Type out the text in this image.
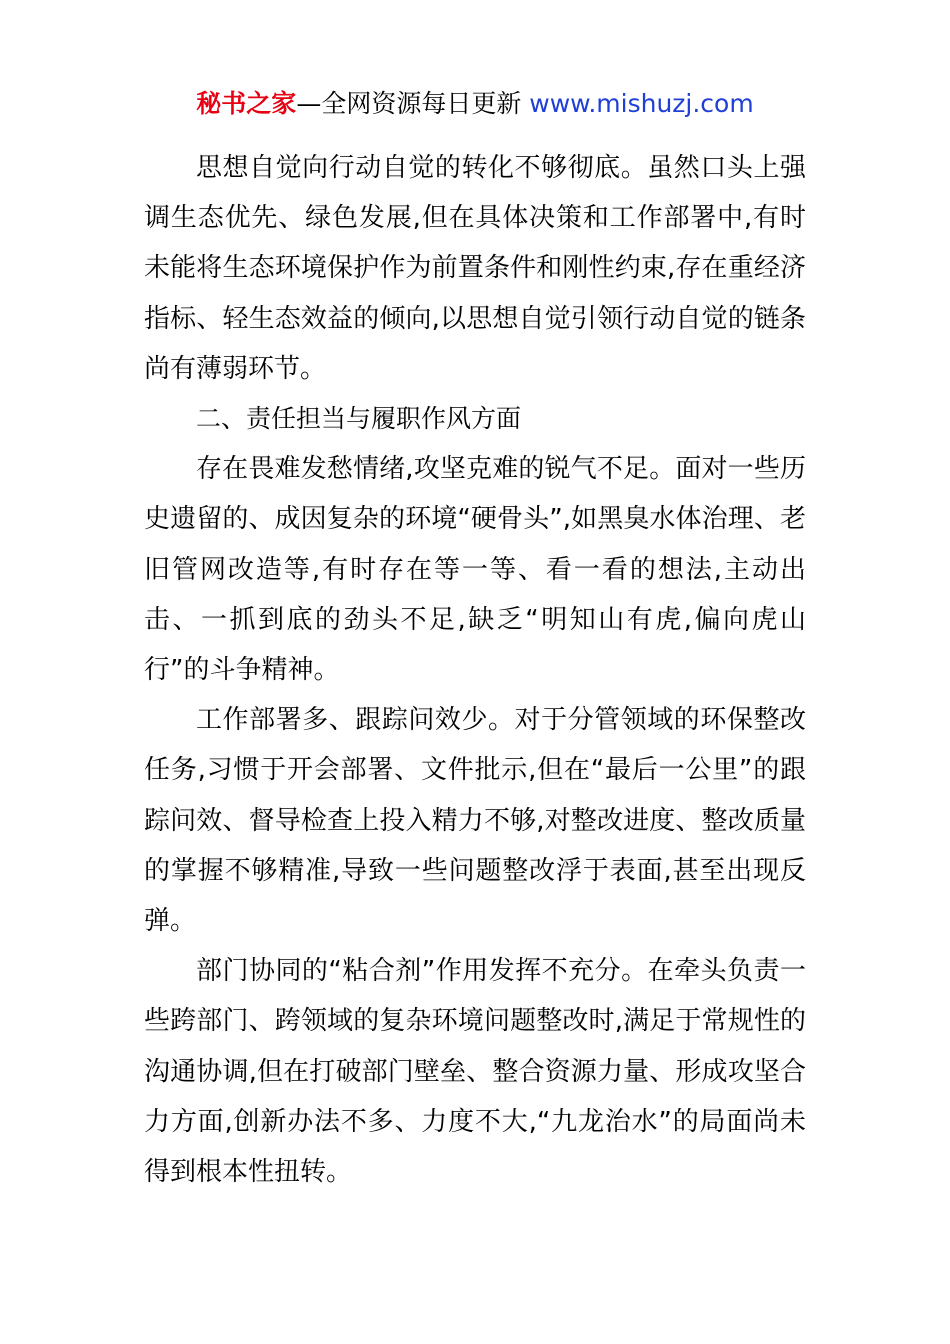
秘书之家—全网资源每日更新 www.mishuzj.com

思想自觉向行动自觉的转化不够彻底。虽然口头上强调生态优先、绿色发展,但在具体决策和工作部署中,有时未能将生态环境保护作为前置条件和刚性约束,存在重经济指标、轻生态效益的倾向,以思想自觉引领行动自觉的链条尚有薄弱环节。

二、责任担当与履职作风方面

存在畏难发愁情绪,攻坚克难的锐气不足。面对一些历史遗留的、成因复杂的环境“硬骨头”,如黑臭水体治理、老旧管网改造等,有时存在等一等、看一看的想法,主动出击、一抓到底的劲头不足,缺乏“明知山有虎,偏向虎山行”的斗争精神。

工作部署多、跟踪问效少。对于分管领域的环保整改任务,习惯于开会部署、文件批示,但在“最后一公里”的跟踪问效、督导检查上投入精力不够,对整改进度、整改质量的掌握不够精准,导致一些问题整改浮于表面,甚至出现反弹。

部门协同的“粘合剂”作用发挥不充分。在牵头负责一些跨部门、跨领域的复杂环境问题整改时,满足于常规性的沟通协调,但在打破部门壁垒、整合资源力量、形成攻坚合力方面,创新办法不多、力度不大,“九龙治水”的局面尚未得到根本性扭转。
